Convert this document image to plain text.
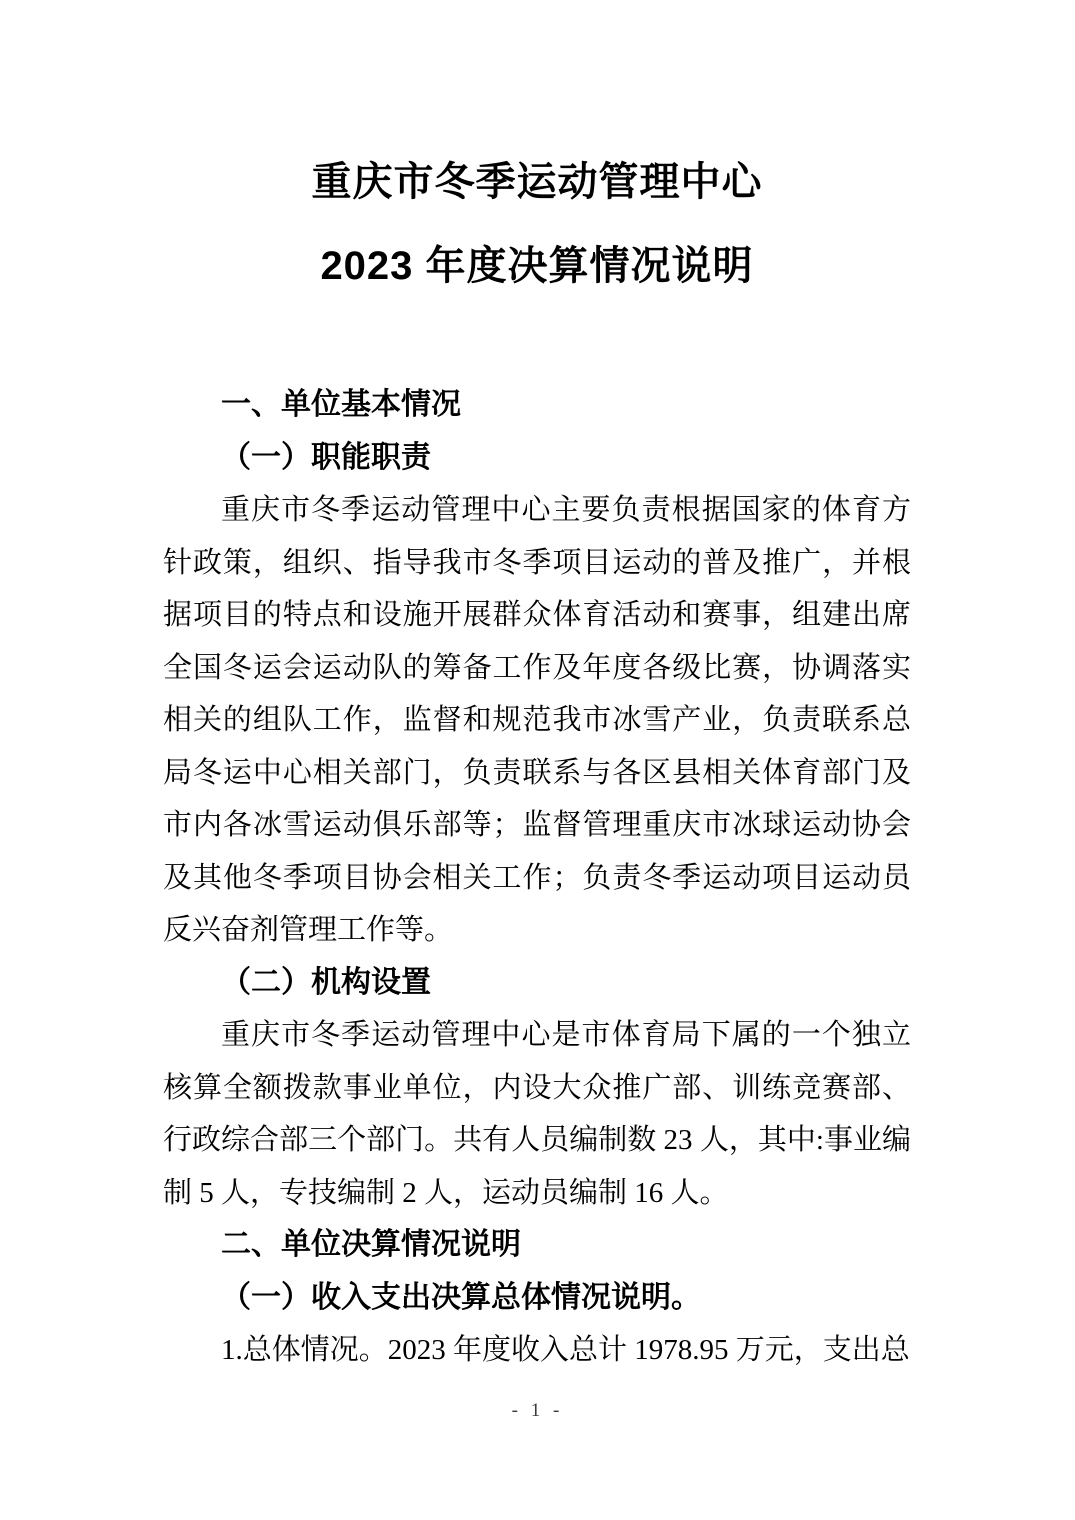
重庆市冬季运动管理中心
2023 年度决算情况说明
一、单位基本情况
（一）职能职责

重庆市冬季运动管理中心主要负责根据国家的体育方针政策，组织、指导我市冬季项目运动的普及推广，并根据项目的特点和设施开展群众体育活动和赛事，组建出席全国冬运会运动队的筹备工作及年度各级比赛，协调落实相关的组队工作，监督和规范我市冰雪产业，负责联系总局冬运中心相关部门，负责联系与各区县相关体育部门及市内各冰雪运动俱乐部等；监督管理重庆市冰球运动协会及其他冬季项目协会相关工作；负责冬季运动项目运动员反兴奋剂管理工作等。

（二）机构设置

重庆市冬季运动管理中心是市体育局下属的一个独立核算全额拨款事业单位，内设大众推广部、训练竞赛部、行政综合部三个部门。共有人员编制数 23 人，其中:事业编制 5 人，专技编制 2 人，运动员编制 16 人。

二、单位决算情况说明
（一）收入支出决算总体情况说明。

1.总体情况。2023 年度收入总计 1978.95 万元，支出总

- 1 -
